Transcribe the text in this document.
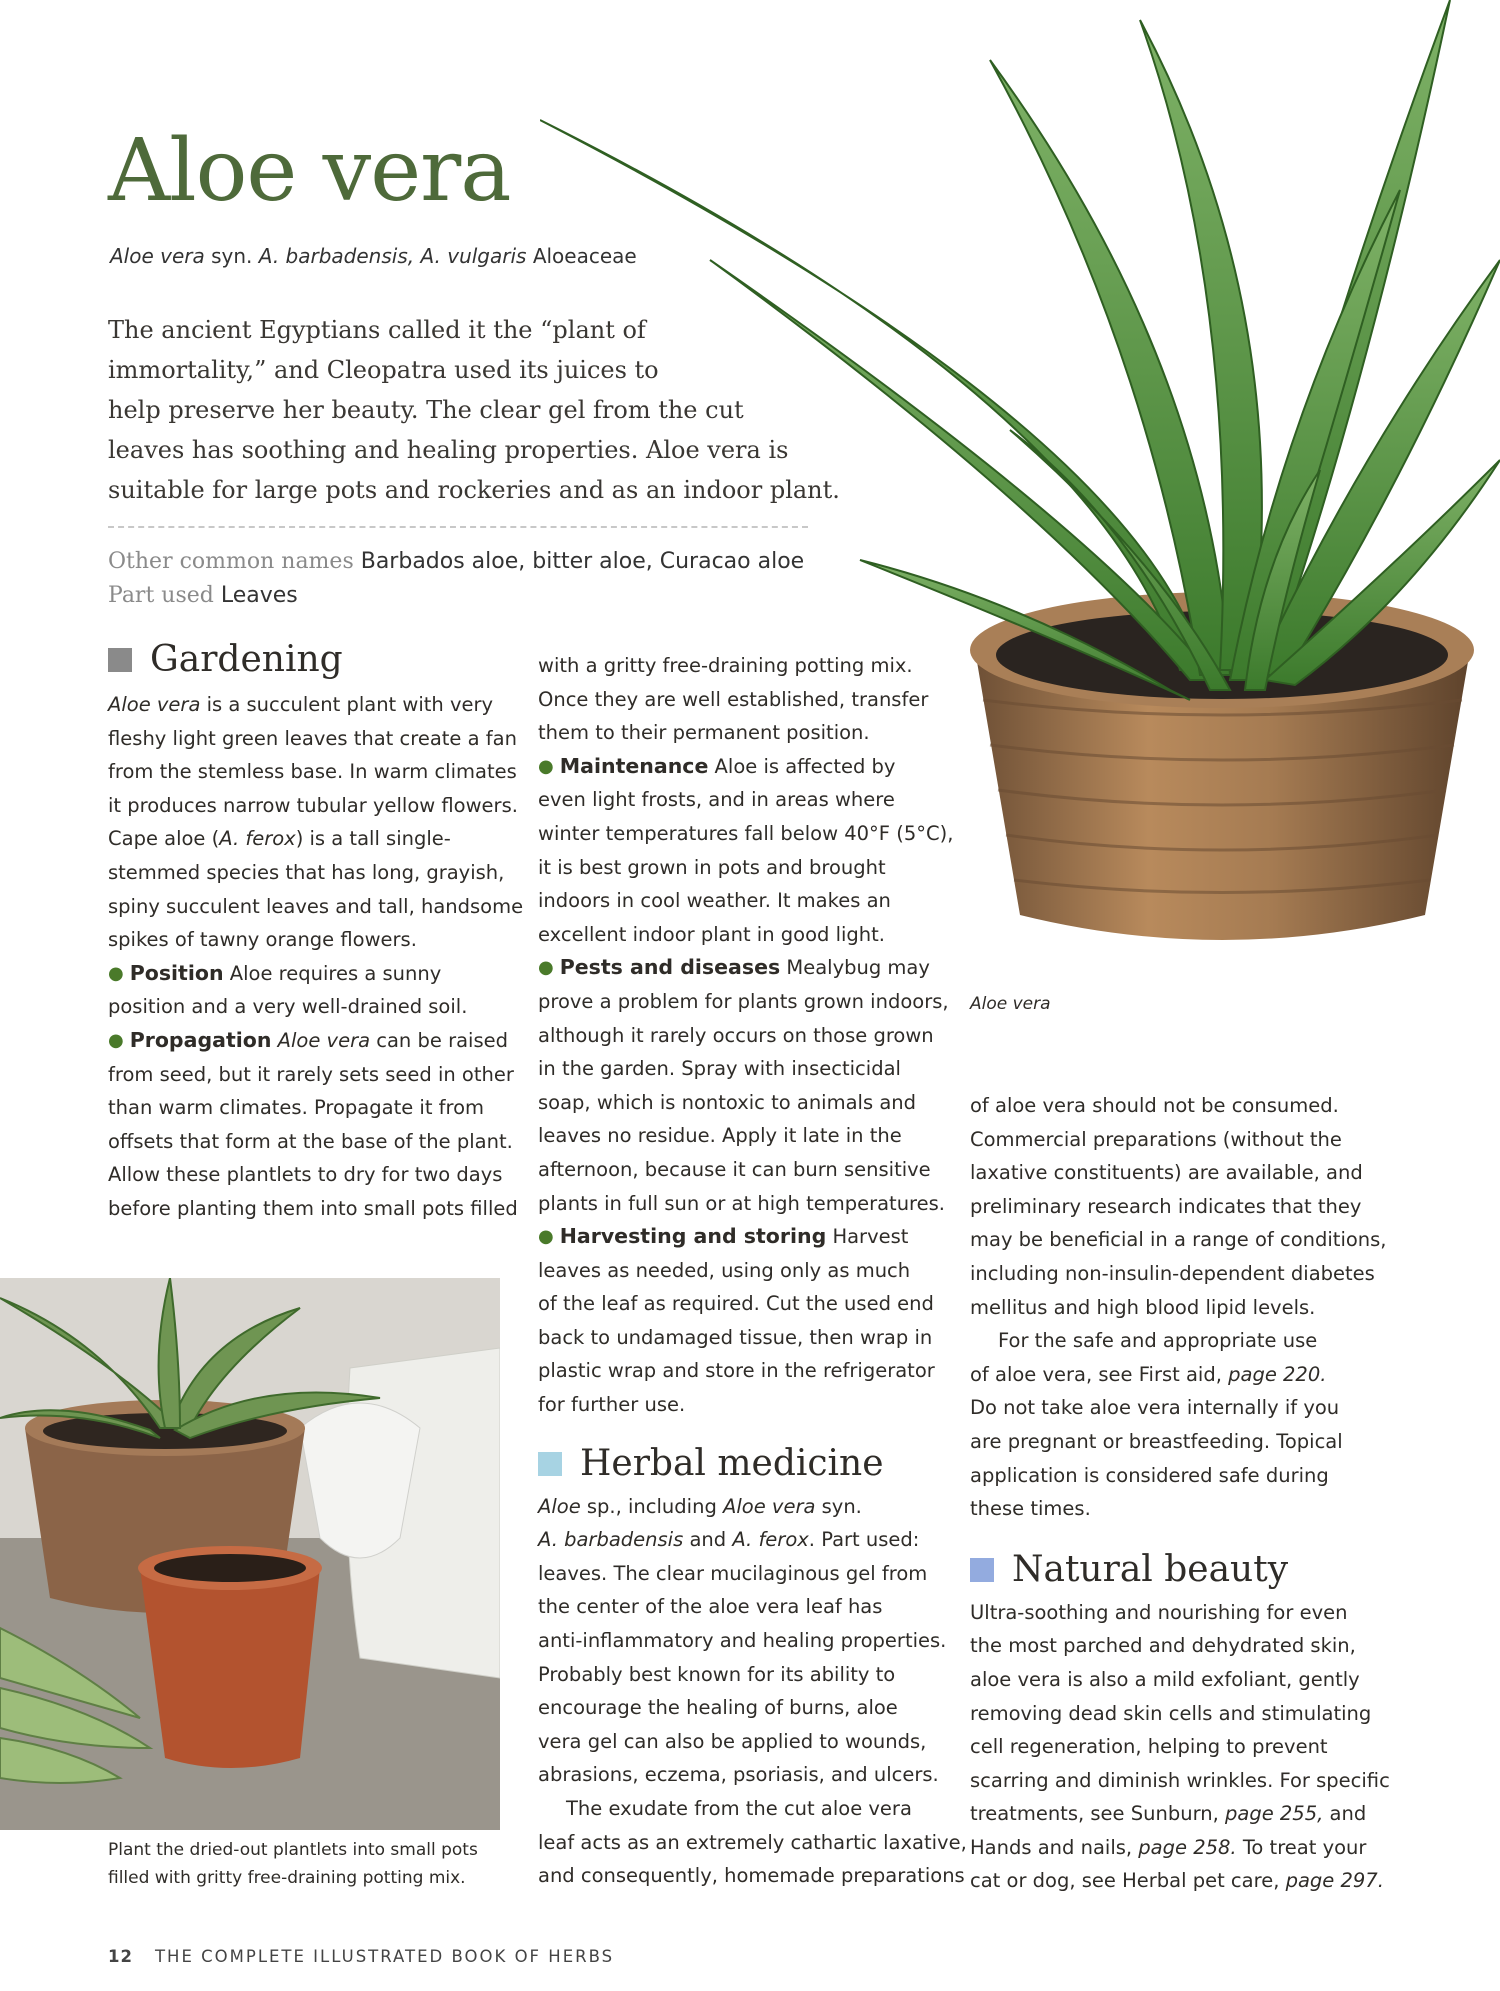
Aloe vera
Aloe vera
Aloe vera syn. A. barbadensis, A. vulgaris Aloeaceae
The ancient Egyptians called it the “plant of
immortality,” and Cleopatra used its juices to
help preserve her beauty. The clear gel from the cut
leaves has soothing and healing properties. Aloe vera is
suitable for large pots and rockeries and as an indoor plant.
Other common names Barbados aloe, bitter aloe, Curacao aloe
Part used Leaves
Gardening

Aloe vera is a succulent plant with very
fleshy light green leaves that create a fan
from the stemless base. In warm climates
it produces narrow tubular yellow flowers.
Cape aloe (A. ferox) is a tall single-
stemmed species that has long, grayish,
spiny succulent leaves and tall, handsome
spikes of tawny orange flowers.

● Position Aloe requires a sunny
position and a very well-drained soil.

● Propagation Aloe vera can be raised
from seed, but it rarely sets seed in other
than warm climates. Propagate it from
offsets that form at the base of the plant.
Allow these plantlets to dry for two days
before planting them into small pots filled

Plant the dried-out plantlets into small pots
filled with gritty free-draining potting mix.

with a gritty free-draining potting mix.
Once they are well established, transfer
them to their permanent position.

● Maintenance Aloe is affected by
even light frosts, and in areas where
winter temperatures fall below 40°F (5°C),
it is best grown in pots and brought
indoors in cool weather. It makes an
excellent indoor plant in good light.

● Pests and diseases Mealybug may
prove a problem for plants grown indoors,
although it rarely occurs on those grown
in the garden. Spray with insecticidal
soap, which is nontoxic to animals and
leaves no residue. Apply it late in the
afternoon, because it can burn sensitive
plants in full sun or at high temperatures.

● Harvesting and storing Harvest
leaves as needed, using only as much
of the leaf as required. Cut the used end
back to undamaged tissue, then wrap in
plastic wrap and store in the refrigerator
for further use.

Herbal medicine

Aloe sp., including Aloe vera syn.
A. barbadensis and A. ferox. Part used:
leaves. The clear mucilaginous gel from
the center of the aloe vera leaf has
anti-inflammatory and healing properties.
Probably best known for its ability to
encourage the healing of burns, aloe
vera gel can also be applied to wounds,
abrasions, eczema, psoriasis, and ulcers.

The exudate from the cut aloe vera

leaf acts as an extremely cathartic laxative,
and consequently, homemade preparations

of aloe vera should not be consumed.
Commercial preparations (without the
laxative constituents) are available, and
preliminary research indicates that they
may be beneficial in a range of conditions,
including non-insulin-dependent diabetes
mellitus and high blood lipid levels.

For the safe and appropriate use

of aloe vera, see First aid, page 220.
Do not take aloe vera internally if you
are pregnant or breastfeeding. Topical
application is considered safe during
these times.

Natural beauty

Ultra-soothing and nourishing for even
the most parched and dehydrated skin,
aloe vera is also a mild exfoliant, gently
removing dead skin cells and stimulating
cell regeneration, helping to prevent
scarring and diminish wrinkles. For specific
treatments, see Sunburn, page 255, and
Hands and nails, page 258. To treat your
cat or dog, see Herbal pet care, page 297.

12 THE COMPLETE ILLUSTRATED BOOK OF HERBS
